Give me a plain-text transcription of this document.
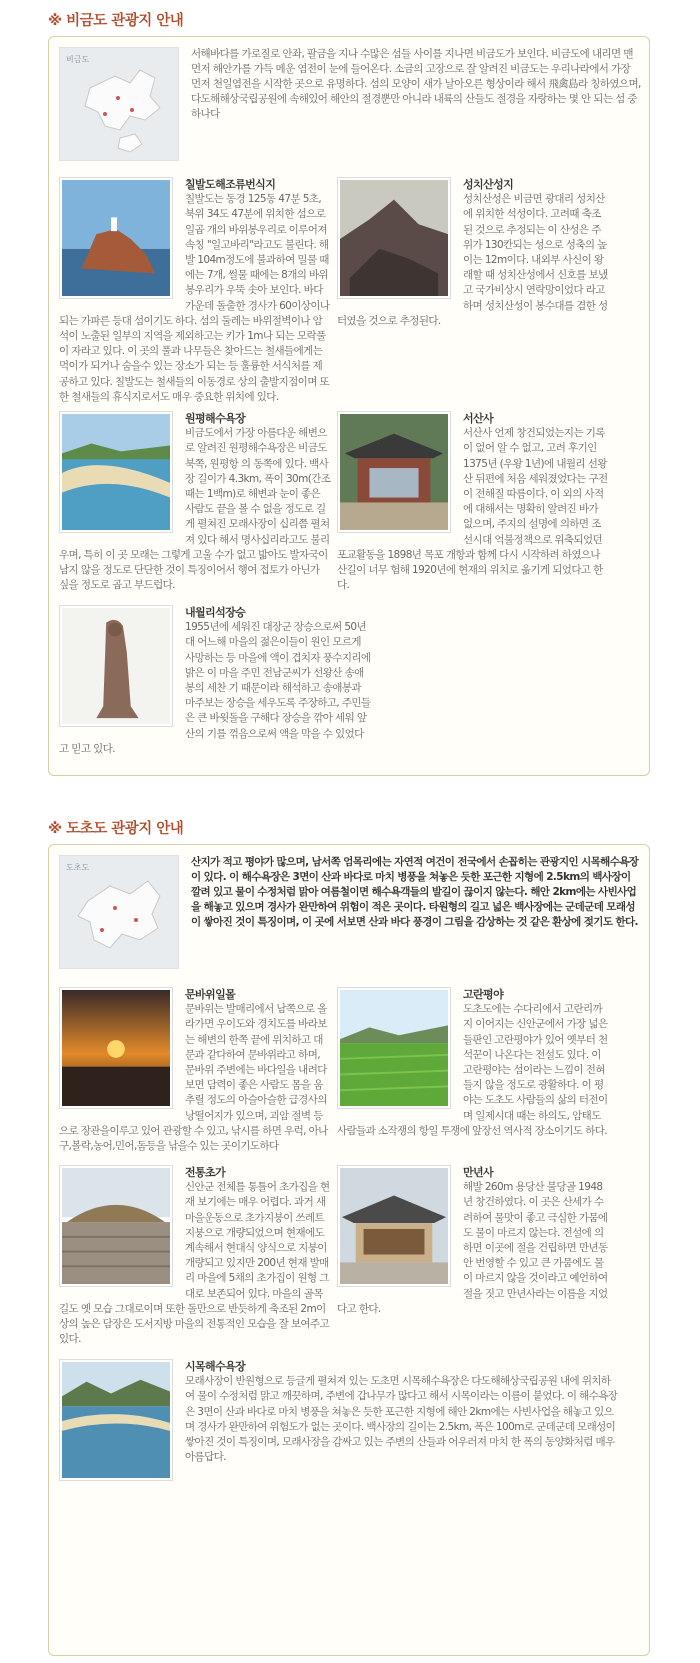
※ 비금도 관광지 안내
비금도	서해바다를 가로질로 안좌, 팔금을 지나 수많은 섬들 사이를 지나면 비금도가 보인다. 비금도에 내리면 맨 먼저 해안가를 가득 메운 염전이 눈에 들어온다. 소금의 고장으로 잘 알려진 비금도는 우리나라에서 가장 먼저 천일염전을 시작한 곳으로 유명하다. 섬의 모양이 새가 날아오른 형상이라 해서 飛禽島라 칭하였으며, 다도해해상국립공원에 속해있어 해안의 절경뿐만 아니라 내륙의 산들도 절경을 자랑하는 몇 안 되는 섬 중 하나다
칠발도해조류번식지
칠발도는 동경 125동 47분 5초, 북위 34도 47분에 위치한 섬으로 일곱 개의 바위봉우리로 이루어져 속칭 "일고바리"라고도 불린다. 해발 104m정도에 불과하여 밀물 때에는 7개, 썰물 때에는 8개의 바위봉우리가 우뚝 솟아 보인다. 바다 가운데 돌출한 경사가 60이상이나 되는 가파른 등대 섬이기도 하다. 섬의 둘레는 바위절벽이나 암석이 노출된 일부의 지역을 제외하고는 키가 1m나 되는 모락풀이 자라고 있다. 이 곳의 풀과 나무들은 찾아드는 철새들에게는 먹이가 되거나 숨을수 있는 장소가 되는 등 훌륭한 서식처를 제공하고 있다. 칠발도는 철새들의 이동경로 상의 출발지점이며 또한 철새들의 휴식지로서도 매우 중요한 위치에 있다.
성치산성지
성치산성은 비금면 광대리 성치산에 위치한 석성이다. 고려때 축조된 것으로 추정되는 이 산성은 주위가 130칸되는 성으로 성축의 높이는 12m이다. 내외부 사신이 왕래할 때 성치산성에서 신호를 보냈고 국가비상시 연락망이었다 라고 하며 성치산성이 봉수대를 겸한 성터였을 것으로 추정된다.
원평해수욕장
비금도에서 가장 아름다운 해변으로 알려진 원평해수욕장은 비금도 북쪽, 원평항 의 동쪽에 있다. 백사장 길이가 4.3km, 폭이 30m(간조 때는 1백m)로 해변과 눈이 좋은 사람도 끝을 볼 수 없을 정도로 길게 펼쳐진 모래사장이 십리쯤 펼쳐져 있다 해서 명사십리라고도 불리우며, 특히 이 곳 모래는 그렇게 고울 수가 없고 밟아도 발자국이 남지 않을 정도로 단단한 것이 특징이어서 행여 접토가 아닌가 싶을 정도로 곱고 부드럽다.
서산사
서산사 언제 창건되었는지는 기록이 없어 알 수 없고, 고려 후기인 1375년 (우왕 1년)에 내월리 선왕산 뒤편에 처음 세워졌었다는 구전이 전해질 따름이다. 이 외의 사적에 대해서는 명확히 알려진 바가 없으며, 주지의 설명에 의하면 조선시대 억불정책으로 위축되었던 포교활동을 1898년 목포 개항과 함께 다시 시작하려 하였으나 산길이 너무 험해 1920년에 현재의 위치로 옮기게 되었다고 한다.
내월리석장승
1955년에 세워진 대장군 장승으로써 50년대 어느해 마을의 젊은이들이 원인 모르게 사망하는 등 마을에 액이 겹치자 풍수지리에 밝은 이 마을 주민 전남군씨가 선왕산 송애봉의 세찬 기 때문이라 해석하고 송애봉과 마주보는 장승을 세우도록 주장하고, 주민들은 큰 바윗돌을 구해다 장승을 깎아 세워 앞산의 기를 꺾음으로써 액을 막을 수 있었다고 믿고 있다.
※ 도초도 관광지 안내
도초도	산지가 적고 평야가 많으며, 남서쪽 엄목리에는 자연적 여건이 전국에서 손꼽히는 관광지인 시목해수욕장이 있다. 이 해수욕장은 3면이 산과 바다로 마치 병풍을 쳐놓은 듯한 포근한 지형에 2.5km의 백사장이 깔려 있고 물이 수정처럼 맑아 여름철이면 해수욕객들의 발길이 끊이지 않는다. 해안 2km에는 사빈사업을 해놓고 있으며 경사가 완만하여 위험이 적은 곳이다. 타원형의 길고 넓은 백사장에는 군데군데 모래성이 쌓아진 것이 특징이며, 이 곳에 서보면 산과 바다 풍경이 그림을 감상하는 것 같은 환상에 젖기도 한다.
문바위일몰
문바위는 발매리에서 남쪽으로 올라가면 우이도와 경치도를 바라보는 해변의 한쪽 끝에 위치하고 대문과 같다하여 문바위라고 하며, 문바위 주변에는 바다일을 내려다보면 담력이 좋은 사람도 몸을 움추릴 정도의 아슬아슬한 급경사의 낭떨어지가 있으며, 괴암 절벽 등으로 장관을이루고 있어 관광할 수 있고, 낚시를 하면 우럭, 아나구,볼락,농어,민어,돔등을 낚을수 있는 곳이기도하다
고란평야
도초도에는 수다리에서 고란리까지 이어지는 신안군에서 가장 넓은 들판인 고란평야가 있어 옛부터 천석꾼이 나온다는 전설도 있다. 이 고란평야는 섬이라는 느낌이 전혀 들지 않을 정도로 광활하다. 이 평야는 도초도 사람들의 삶의 터전이며 일제시대 때는 하의도, 암태도 사람들과 소작쟁의 항일 투쟁에 앞장선 역사적 장소이기도 하다.
전통초가
신안군 전체를 통틀어 초가집을 현재 보기에는 매우 어렵다. 과거 새마을운동으로 초가지붕이 쓰레트지붕으로 개량되었으며 현재에도 계속해서 현대식 양식으로 지붕이 개량되고 있지만 200년 현재 발매리 마을에 5채의 초가집이 원형 그대로 보존되어 있다. 마을의 골목길도 옛 모습 그대로이며 또한 돌만으로 반듯하게 축조된 2m이상의 높은 담장은 도서지방 마을의 전통적인 모습을 잘 보여주고 있다.
만년사
해발 260m 용당산 불당골 1948년 창건하였다. 이 곳은 산세가 수려하여 물맛이 좋고 극심한 가뭄에도 물이 마르지 않는다. 전설에 의하면 이곳에 절을 건립하면 만년동안 번영할 수 있고 큰 가뭄에도 물이 마르지 않을 것이라고 예언하여 절을 짓고 만년사라는 이름을 지었다고 한다.
시목해수욕장
모래사장이 반원형으로 등글게 펼쳐져 있는 도초면 시목해수욕장은 다도해해상국립공원 내에 위치하여 물이 수정처럼 맑고 깨끗하며, 주변에 갑나무가 많다고 해서 시목이라는 이름이 붙었다. 이 해수욕장은 3면이 산과 바다로 마치 병풍을 쳐놓은 듯한 포근한 지형에 해안 2km에는 사빈사업을 해놓고 있으며 경사가 완만하여 위험도가 없는 곳이다. 백사장의 길이는 2.5km, 폭은 100m로 군데군데 모래성이 쌓아진 것이 특징이며, 모래사장을 감싸고 있는 주변의 산들과 어우러져 마치 한 폭의 동양화처럼 매우 아름답다.
